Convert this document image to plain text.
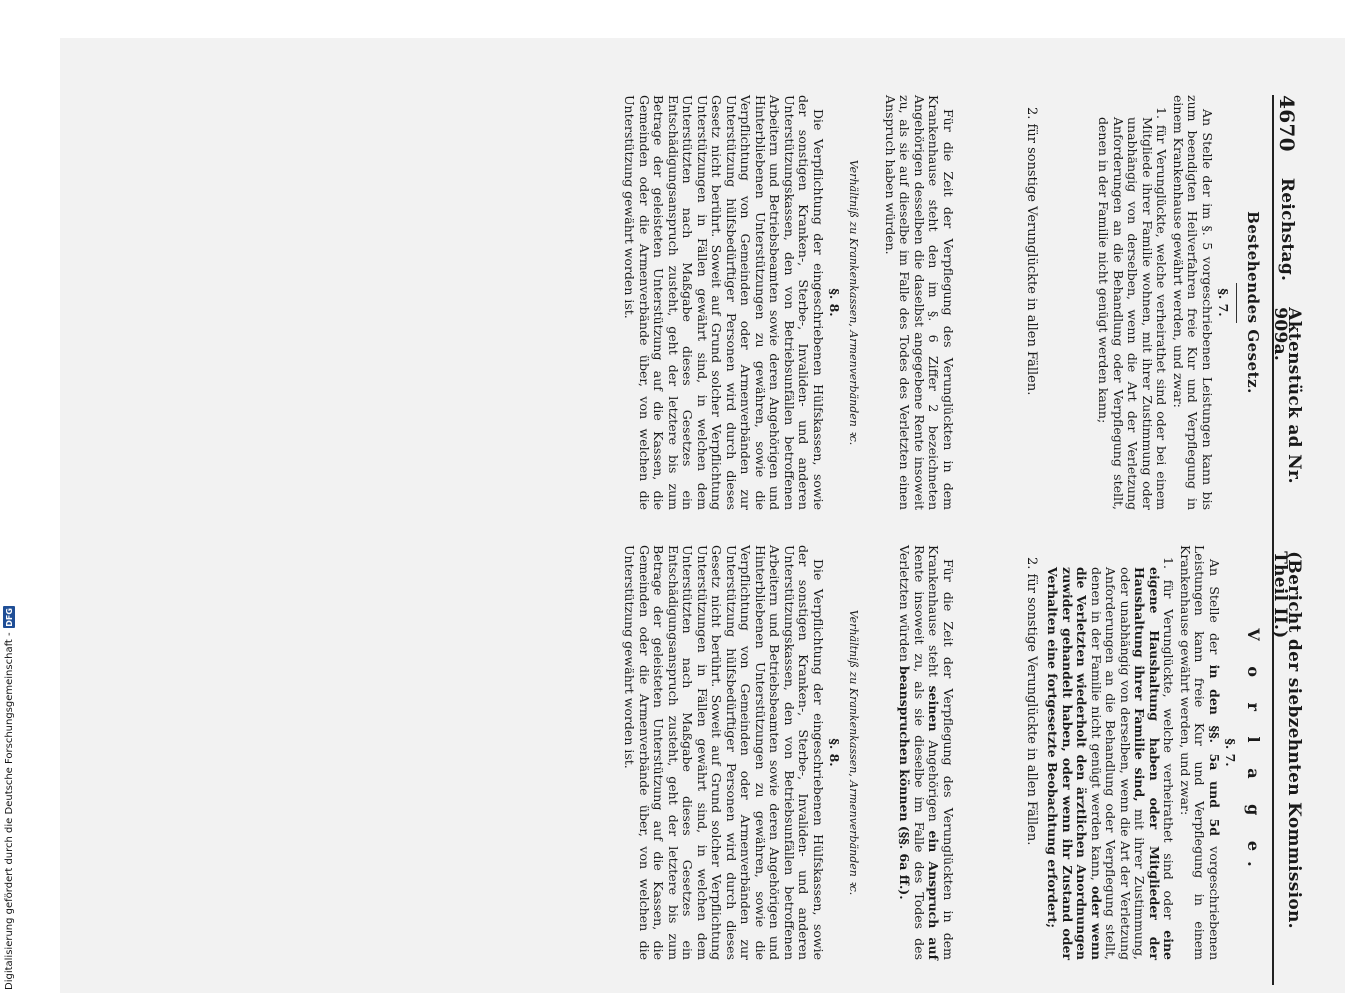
4670
Reichstag.
Aktenstück ad Nr. 909a.
(Bericht der siebzehnten Kommission. Theil II.)
Bestehendes Gesetz.
§. 7.

An Stelle der im §. 5 vorgeschriebenen Leistungen kann bis zum beendigten Heilverfahren freie Kur und Verpflegung in einem Krankenhause gewährt werden, und zwar:

1. für Verunglückte, welche verheirathet sind oder bei einem Mitgliede ihrer Familie wohnen, mit ihrer Zustimmung oder unabhängig von derselben, wenn die Art der Verletzung Anforderungen an die Behandlung oder Verpflegung stellt, denen in der Familie nicht genügt werden kann;
2. für sonstige Verunglückte in allen Fällen.

Für die Zeit der Verpflegung des Verunglückten in dem Krankenhause steht den im §. 6 Ziffer 2 bezeichneten Angehörigen desselben die daselbst angegebene Rente insoweit zu, als sie auf dieselbe im Falle des Todes des Verletzten einen Anspruch haben würden.

Verhältniß zu Krankenkassen, Armenverbänden ꝛc.
§. 8.

Die Verpflichtung der eingeschriebenen Hülfskassen, sowie der sonstigen Kranken-, Sterbe-, Invaliden- und anderen Unterstützungskassen, den von Betriebsunfällen betroffenen Arbeitern und Betriebsbeamten sowie deren Angehörigen und Hinterbliebenen Unterstützungen zu gewähren, sowie die Verpflichtung von Gemeinden oder Armenverbänden zur Unterstützung hülfsbedürftiger Personen wird durch dieses Gesetz nicht berührt. Soweit auf Grund solcher Verpflichtung Unterstützungen in Fällen gewährt sind, in welchen dem Unterstützten nach Maßgabe dieses Gesetzes ein Entschädigungsanspruch zusteht, geht der letztere bis zum Betrage der geleisteten Unterstützung auf die Kassen, die Gemeinden oder die Armenverbände über, von welchen die Unterstützung gewährt worden ist.

V o r l a g e.
§. 7.

An Stelle der in den §§. 5a und 5d vorgeschriebenen Leistungen kann freie Kur und Verpflegung in einem Krankenhause gewährt werden, und zwar:

1. für Verunglückte, welche verheirathet sind oder eine eigene Haushaltung haben oder Mitglieder der Haushaltung ihrer Familie sind, mit ihrer Zustimmung, oder unabhängig von derselben, wenn die Art der Verletzung Anforderungen an die Behandlung oder Verpflegung stellt, denen in der Familie nicht genügt werden kann, oder wenn die Verletzten wiederholt den ärztlichen Anordnungen zuwider gehandelt haben, oder wenn ihr Zustand oder Verhalten eine fortgesetzte Beobachtung erfordert;
2. für sonstige Verunglückte in allen Fällen.

Für die Zeit der Verpflegung des Verunglückten in dem Krankenhause steht seinen Angehörigen ein Anspruch auf Rente insoweit zu, als sie dieselbe im Falle des Todes des Verletzten würden beanspruchen können (§§. 6a ff.).

Verhältniß zu Krankenkassen, Armenverbänden ꝛc.
§. 8.

Die Verpflichtung der eingeschriebenen Hülfskassen, sowie der sonstigen Kranken-, Sterbe-, Invaliden- und anderen Unterstützungskassen, den von Betriebsunfällen betroffenen Arbeitern und Betriebsbeamten sowie deren Angehörigen und Hinterbliebenen Unterstützungen zu gewähren, sowie die Verpflichtung von Gemeinden oder Armenverbänden zur Unterstützung hülfsbedürftiger Personen wird durch dieses Gesetz nicht berührt. Soweit auf Grund solcher Verpflichtung Unterstützungen in Fällen gewährt sind, in welchen dem Unterstützten nach Maßgabe dieses Gesetzes ein Entschädigungsanspruch zusteht, geht der letztere bis zum Betrage der geleisteten Unterstützung auf die Kassen, die Gemeinden oder die Armenverbände über, von welchen die Unterstützung gewährt worden ist.

Digitalisierung gefördert durch die Deutsche Forschungsgemeinschaft -
DFG
